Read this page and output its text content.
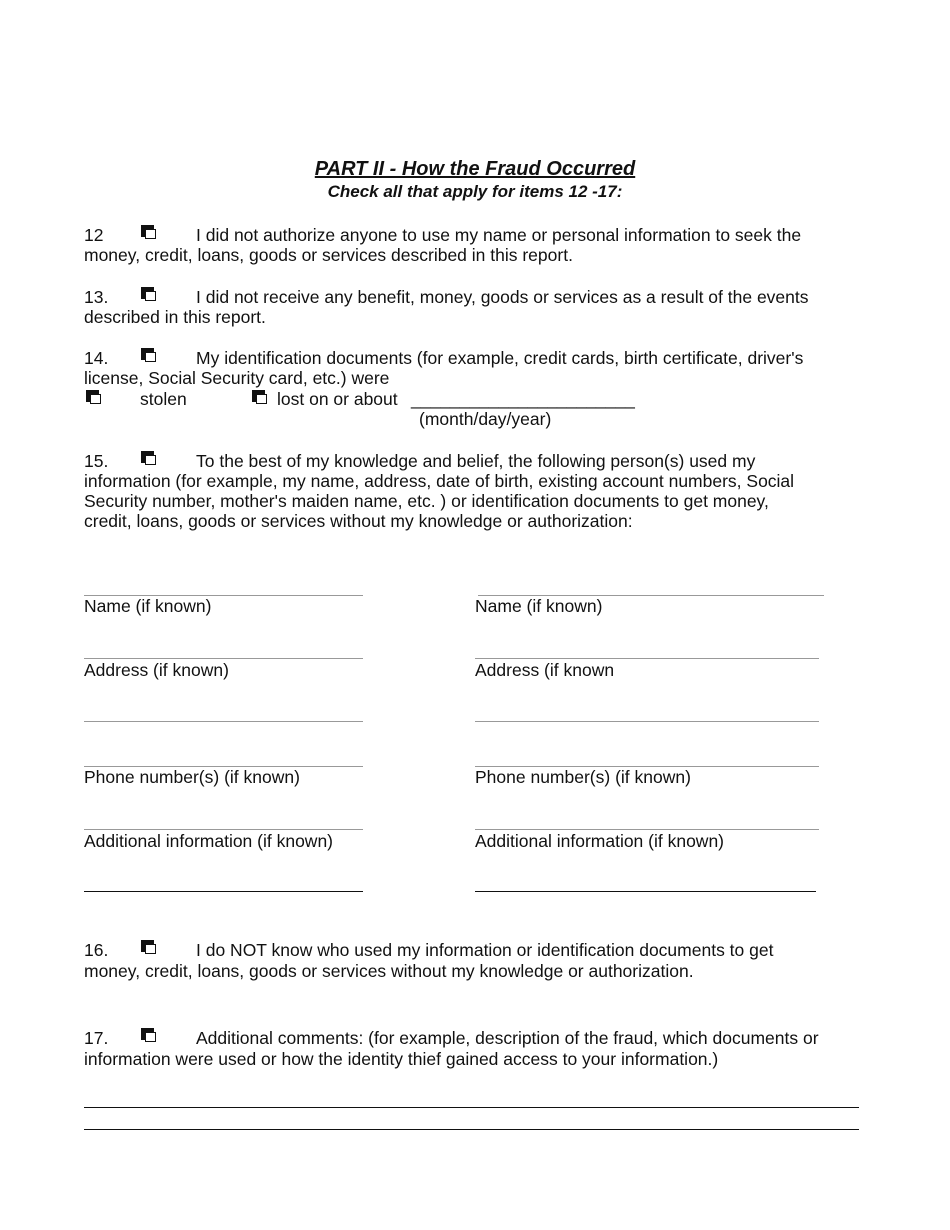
PART II - How the Fraud Occurred
Check all that apply for items 12 -17:
12	I did not authorize anyone to use my name or personal information to seek the
money, credit, loans, goods or services described in this report.
13.	I did not receive any benefit, money, goods or services as a result of the events
described in this report.
14.	My identification documents (for example, credit cards, birth certificate, driver's
license, Social Security card, etc.) were
stolen	lost on or about _______________________
(month/day/year)
15.	To the best of my knowledge and belief, the following person(s) used my
information (for example, my name, address, date of birth, existing account numbers, Social
Security number, mother's maiden name, etc. ) or identification documents to get money,
credit, loans, goods or services without my knowledge or authorization:
Name (if known)
Address (if known)
Phone number(s) (if known)
Additional information (if known)
Name (if known)
Address (if known
Phone number(s) (if known)
Additional information (if known)
16.	I do NOT know who used my information or identification documents to get
money, credit, loans, goods or services without my knowledge or authorization.
17.	Additional comments: (for example, description of the fraud, which documents or
information were used or how the identity thief gained access to your information.)
